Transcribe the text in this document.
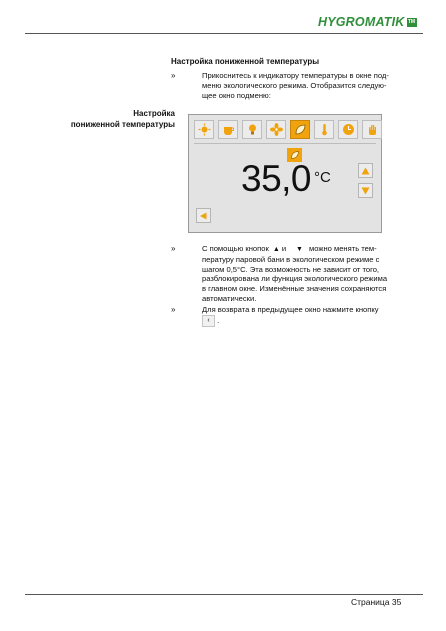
HYGROMATIK TM
Настройка пониженной температуры
Настройка
пониженной температуры
»	Прикоснитесь к индикатору температуры в окне под-
меню экологического режима. Отобразится следую-
щее окно подменю:
35,0 °C
»	С помощью кнопок  ▲ и     ▼   можно менять тем-
пературу паровой бани в экологическом режиме с
шагом 0,5°C. Эта возможность не зависит от того,
разблокирована ли функция экологического режима
в главном окне. Изменённые значения сохраняются
автоматически.
»	Для возврата в предыдущее окно нажмите кнопку
‹ .
Страница 35
